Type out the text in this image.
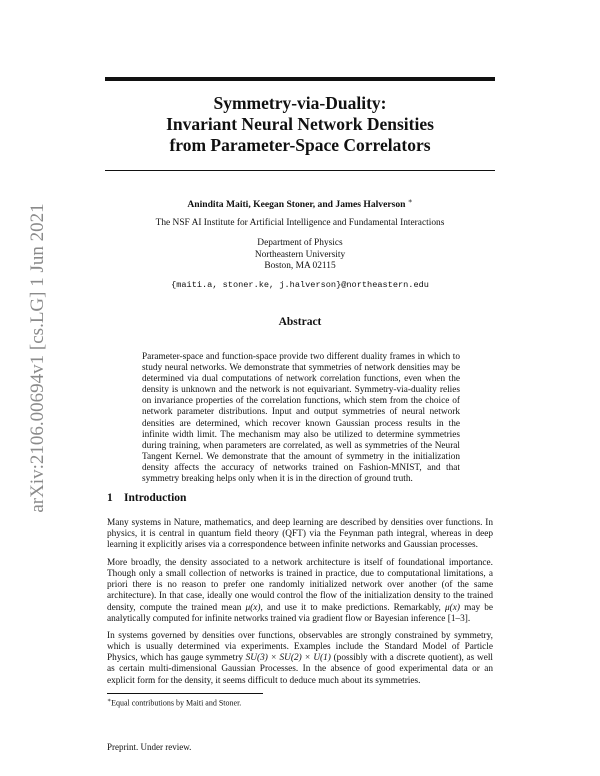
arXiv:2106.00694v1 [cs.LG] 1 Jun 2021
Symmetry-via-Duality:
Invariant Neural Network Densities
from Parameter-Space Correlators
Anindita Maiti, Keegan Stoner, and James Halverson ∗
The NSF AI Institute for Artificial Intelligence and Fundamental Interactions
Department of Physics
Northeastern University
Boston, MA 02115
{maiti.a, stoner.ke, j.halverson}@northeastern.edu
Abstract
Parameter-space and function-space provide two different duality frames in which to study neural networks. We demonstrate that symmetries of network densities may be determined via dual computations of network correlation functions, even when the density is unknown and the network is not equivariant. Symmetry-via-duality relies on invariance properties of the correlation functions, which stem from the choice of network parameter distributions. Input and output symmetries of neural network densities are determined, which recover known Gaussian process results in the infinite width limit. The mechanism may also be utilized to determine symmetries during training, when parameters are correlated, as well as symmetries of the Neural Tangent Kernel. We demonstrate that the amount of symmetry in the initialization density affects the accuracy of networks trained on Fashion-MNIST, and that symmetry breaking helps only when it is in the direction of ground truth.
1 Introduction
Many systems in Nature, mathematics, and deep learning are described by densities over functions. In physics, it is central in quantum field theory (QFT) via the Feynman path integral, whereas in deep learning it explicitly arises via a correspondence between infinite networks and Gaussian processes.
More broadly, the density associated to a network architecture is itself of foundational importance. Though only a small collection of networks is trained in practice, due to computational limitations, a priori there is no reason to prefer one randomly initialized network over another (of the same architecture). In that case, ideally one would control the flow of the initialization density to the trained density, compute the trained mean μ(x), and use it to make predictions. Remarkably, μ(x) may be analytically computed for infinite networks trained via gradient flow or Bayesian inference [1–3].
In systems governed by densities over functions, observables are strongly constrained by symmetry, which is usually determined via experiments. Examples include the Standard Model of Particle Physics, which has gauge symmetry SU(3) × SU(2) × U(1) (possibly with a discrete quotient), as well as certain multi-dimensional Gaussian Processes. In the absence of good experimental data or an explicit form for the density, it seems difficult to deduce much about its symmetries.
∗Equal contributions by Maiti and Stoner.
Preprint. Under review.
